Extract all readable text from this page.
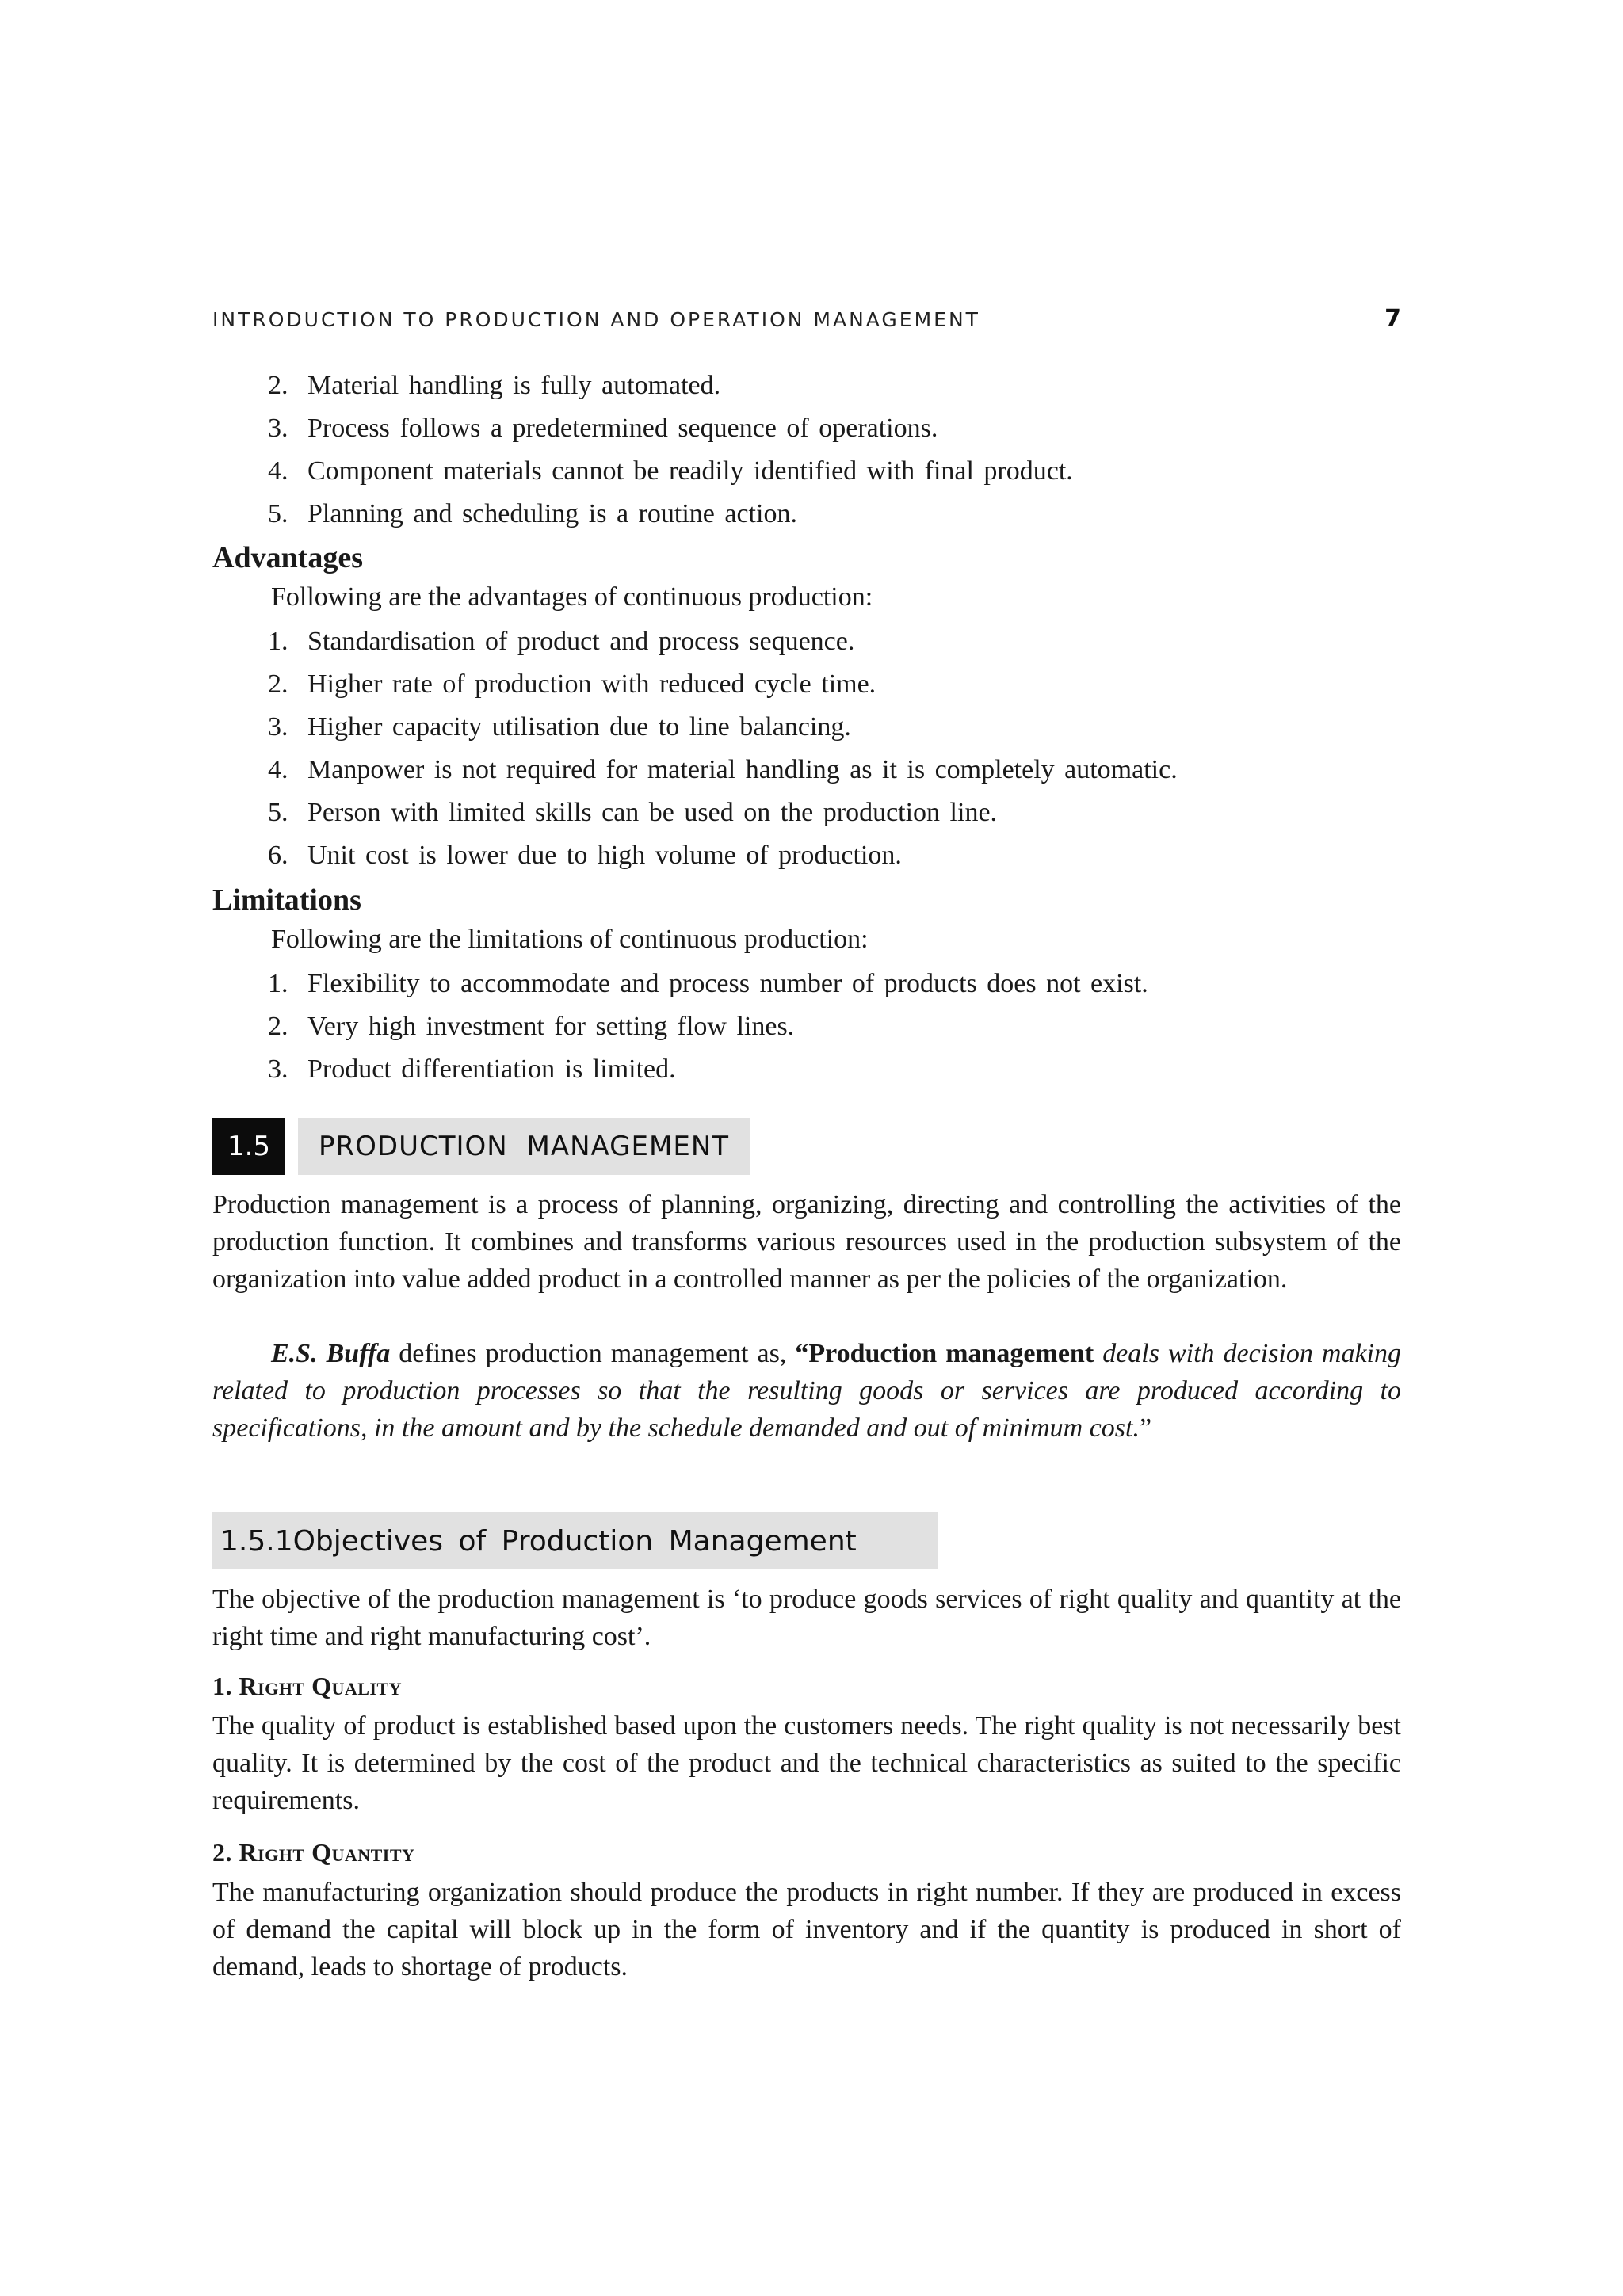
INTRODUCTION TO PRODUCTION AND OPERATION MANAGEMENT	7
2. Material handling is fully automated.
3. Process follows a predetermined sequence of operations.
4. Component materials cannot be readily identified with final product.
5. Planning and scheduling is a routine action.
Advantages
Following are the advantages of continuous production:
1. Standardisation of product and process sequence.
2. Higher rate of production with reduced cycle time.
3. Higher capacity utilisation due to line balancing.
4. Manpower is not required for material handling as it is completely automatic.
5. Person with limited skills can be used on the production line.
6. Unit cost is lower due to high volume of production.
Limitations
Following are the limitations of continuous production:
1. Flexibility to accommodate and process number of products does not exist.
2. Very high investment for setting flow lines.
3. Product differentiation is limited.
1.5	PRODUCTION MANAGEMENT
Production management is a process of planning, organizing, directing and controlling the activities of the production function. It combines and transforms various resources used in the production subsystem of the organization into value added product in a controlled manner as per the policies of the organization.
E.S. Buffa defines production management as, “Production management deals with decision making related to production processes so that the resulting goods or services are produced according to specifications, in the amount and by the schedule demanded and out of minimum cost.”
1.5.1Objectives of Production Management
The objective of the production management is ‘to produce goods services of right quality and quantity at the right time and right manufacturing cost’.
1. Right Quality
The quality of product is established based upon the customers needs. The right quality is not necessarily best quality. It is determined by the cost of the product and the technical characteristics as suited to the specific requirements.
2. Right Quantity
The manufacturing organization should produce the products in right number. If they are produced in excess of demand the capital will block up in the form of inventory and if the quantity is produced in short of demand, leads to shortage of products.
